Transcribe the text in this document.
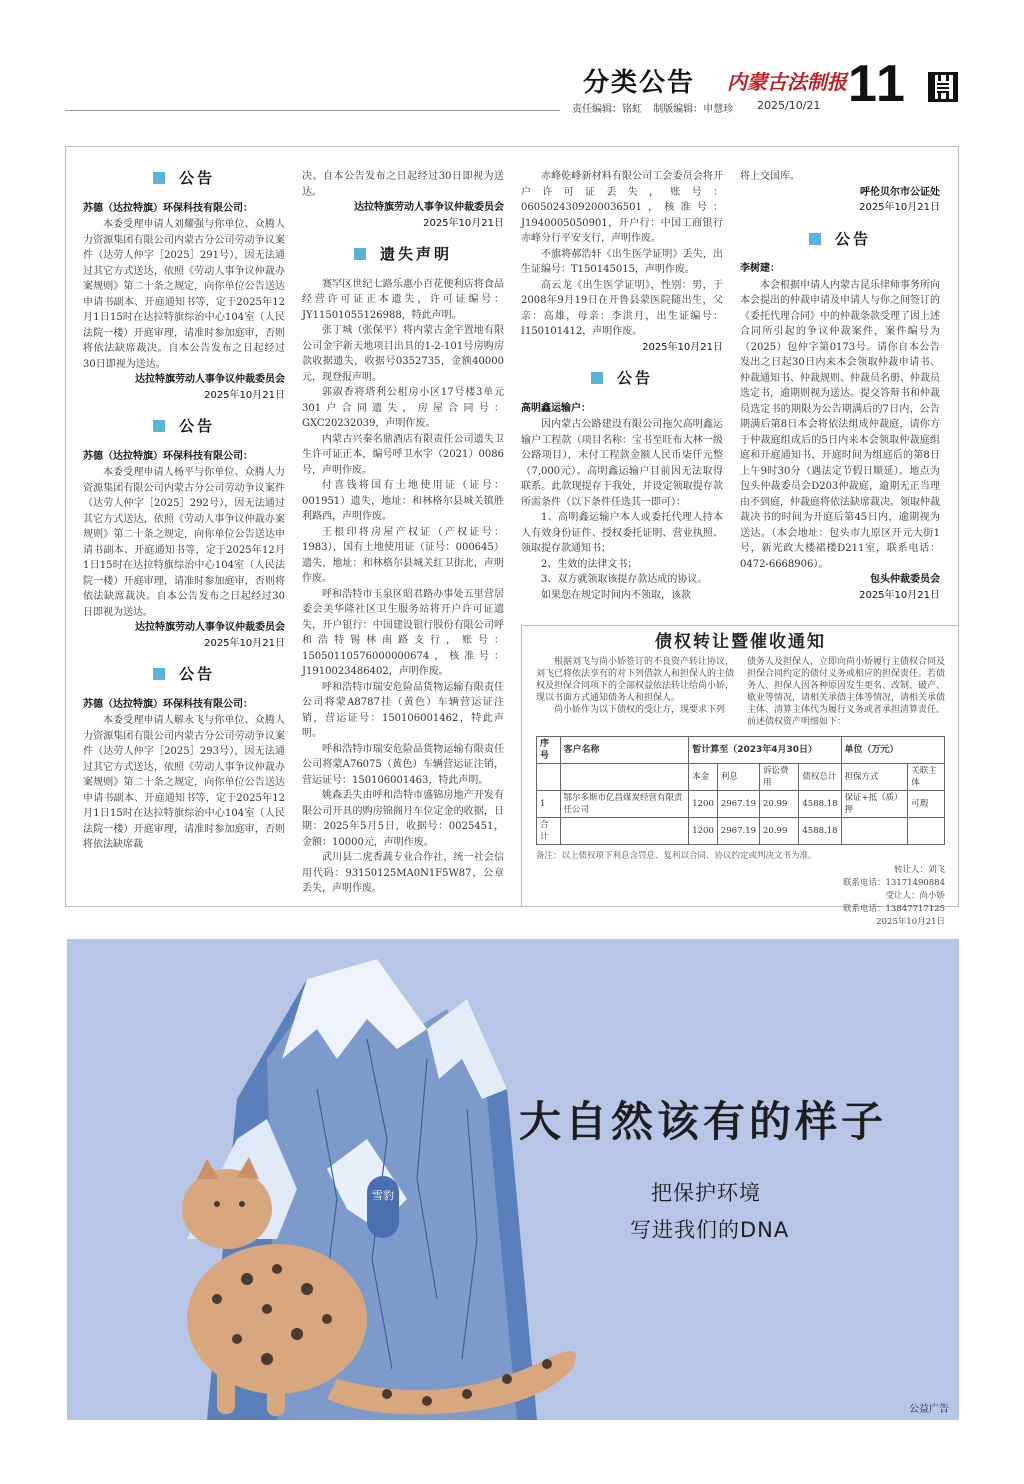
分类公告 内蒙古法制报 11
责任编辑：铭虹 制版编辑：申慧珍	2025/10/21
公告

苏德（达拉特旗）环保科技有限公司：

本委受理申请人刘耀强与你单位、众腾人力资源集团有限公司内蒙古分公司劳动争议案件（达劳人仲字［2025］291号），因无法通过其它方式送达，依照《劳动人事争议仲裁办案规则》第二十条之规定，向你单位公告送达申请书副本、开庭通知书等，定于2025年12月1日15时在达拉特旗综治中心104室（人民法院一楼）开庭审理，请准时参加庭审，否则将依法缺席裁决。自本公告发布之日起经过30日即视为送达。

达拉特旗劳动人事争议仲裁委员会

2025年10月21日

公告

苏德（达拉特旗）环保科技有限公司：

本委受理申请人杨平与你单位、众腾人力资源集团有限公司内蒙古分公司劳动争议案件（达劳人仲字［2025］292号），因无法通过其它方式送达，依照《劳动人事争议仲裁办案规则》第二十条之规定，向你单位公告送达申请书副本、开庭通知书等，定于2025年12月1日15时在达拉特旗综治中心104室（人民法院一楼）开庭审理，请准时参加庭审，否则将依法缺席裁决。自本公告发布之日起经过30日即视为送达。

达拉特旗劳动人事争议仲裁委员会

2025年10月21日

公告

苏德（达拉特旗）环保科技有限公司：

本委受理申请人解永飞与你单位、众腾人力资源集团有限公司内蒙古分公司劳动争议案件（达劳人仲字［2025］293号），因无法通过其它方式送达，依照《劳动人事争议仲裁办案规则》第二十条之规定，向你单位公告送达申请书副本、开庭通知书等，定于2025年12月1日15时在达拉特旗综治中心104室（人民法院一楼）开庭审理，请准时参加庭审，否则将依法缺席裁

决。自本公告发布之日起经过30日即视为送达。

达拉特旗劳动人事争议仲裁委员会

2025年10月21日

遗失声明

赛罕区世纪七路乐惠小百花便利店将食品经营许可证正本遗失，许可证编号：JY11501055126988，特此声明。

张丁城（张保平）将内蒙古金宇置地有限公司金宇新天地项目出具的1-2-101号房购房款收据遗失，收据号0352735，金额40000元，现登报声明。

郭淑香将塔利公租房小区17号楼3单元301户合同遗失，房屋合同号：GXC20232039，声明作废。

内蒙古兴秦名鼎酒店有限责任公司遗失卫生许可证正本，编号呼卫水字（2021）0086号，声明作废。

付喜钱将国有土地使用证（证号：001951）遗失，地址：和林格尔县城关镇胜利路西，声明作废。

王根印将房屋产权证（产权证号：1983），国有土地使用证（证号：000645）遗失，地址：和林格尔县城关红卫街北，声明作废。

呼和浩特市玉泉区昭君路办事处五里营居委会美华隆社区卫生服务站将开户许可证遗失，开户银行：中国建设银行股份有限公司呼和浩特锡林南路支行，账号：15050110576000000674，核准号：J1910023486402，声明作废。

呼和浩特市瑞安危险品货物运输有限责任公司将蒙A8787挂（黄色）车辆营运证注销，营运证号：150106001462，特此声明。

呼和浩特市瑞安危险品货物运输有限责任公司将蒙A76075（黄色）车辆营运证注销，营运证号：150106001463，特此声明。

姚森丢失由呼和浩特市盛锦房地产开发有限公司开具的购房锦阁月车位定金的收据，日期：2025年5月5日，收据号：0025451，金额：10000元，声明作废。

武川县二虎香蔬专业合作社，统一社会信用代码：93150125MA0N1F5W87，公章丢失，声明作废。

赤峰乾峰新材料有限公司工会委员会将开户许可证丢失，账号：0605024309200036501，核准号：J1940005050901，开户行：中国工商银行赤峰分行平安支行，声明作废。

不旗将郝浩轩《出生医学证明》丢失，出生证编号：T150145015，声明作废。

高云龙《出生医学证明》，性别：男，于2008年9月19日在开鲁县蒙医院随出生，父亲：高雄，母亲：李洪月，出生证编号：I150101412，声明作废。

2025年10月21日

公告

高明鑫运输户：

因内蒙古公路建设有限公司拖欠高明鑫运输户工程款（项目名称：宝书至旺布大林一级公路项目），未付工程款金额人民币柒仟元整（7,000元）。高明鑫运输户目前因无法取得联系。此款现提存于我处，并设定领取提存款所需条件（以下条件任选其一即可）：

1、高明鑫运输户本人或委托代理人持本人有效身份证件、授权委托证明、营业执照、领取提存款通知书；

2、生效的法律文书；

3、双方就领取该提存款达成的协议。

如果您在规定时间内不领取，该款

将上交国库。

呼伦贝尔市公证处

2025年10月21日

公告

李树建：

本会根据申请人内蒙古昆乐律师事务所向本会提出的仲裁申请及申请人与你之间签订的《委托代理合同》中的仲裁条款受理了因上述合同所引起的争议仲裁案件，案件编号为（2025）包仲字第0173号。请你自本公告发出之日起30日内来本会领取仲裁申请书、仲裁通知书、仲裁规则、仲裁员名册、仲裁员选定书，逾期则视为送达。提交答辩书和仲裁员选定书的期限为公告期满后的7日内，公告期满后第8日本会将依法组成仲裁庭，请你方于仲裁庭组成后的5日内来本会领取仲裁庭组庭和开庭通知书，开庭时间为组庭后的第8日上午9时30分（遇法定节假日顺延）。地点为包头仲裁委员会D203仲裁庭，逾期无正当理由不到庭，仲裁庭将依法缺席裁决。领取仲裁裁决书的时间为开庭后第45日内，逾期视为送达。（本会地址：包头市九原区开元大街1号，新光政大楼裙楼D211室，联系电话：0472-6668906）。

包头仲裁委员会

2025年10月21日

债权转让暨催收通知

根据刘飞与尚小娇签订的不良资产转让协议，刘飞已将依法享有的对下列借款人和担保人的主债权及担保合同项下的全部权益依法转让给尚小娇，现以书面方式通知债务人和担保人。

尚小娇作为以下债权的受让方，现要求下列

债务人及担保人，立即向尚小娇履行主债权合同及担保合同约定的债付义务或相应的担保责任。若债务人、担保人因各种原因发生更名、改制、破产、歇业等情况，请相关承债主体等情况，请相关承债主体、清算主体代为履行义务或者承担清算责任。前述债权资产明细如下：

序号	客户名称	暂计算至（2023年4月30日）				单位（万元）	
		本金	利息	诉讼费用	债权总计	担保方式	关联主体
1	鄂尔多斯市亿昌煤炭经营有限责任公司	1200	2967.19	20.99	4588.18	保证+抵（质）押	可瑕
合计		1200	2967.19	20.99	4588.18		

备注：以上债权项下利息含罚息、复利以合同、协议约定或判决文书为准。

转让人：刘飞
联系电话：13171490884
受让人：尚小娇
联系电话：13847717125
2025年10月21日
雪豹
大自然该有的样子
把保护环境
写进我们的DNA
公益广告
